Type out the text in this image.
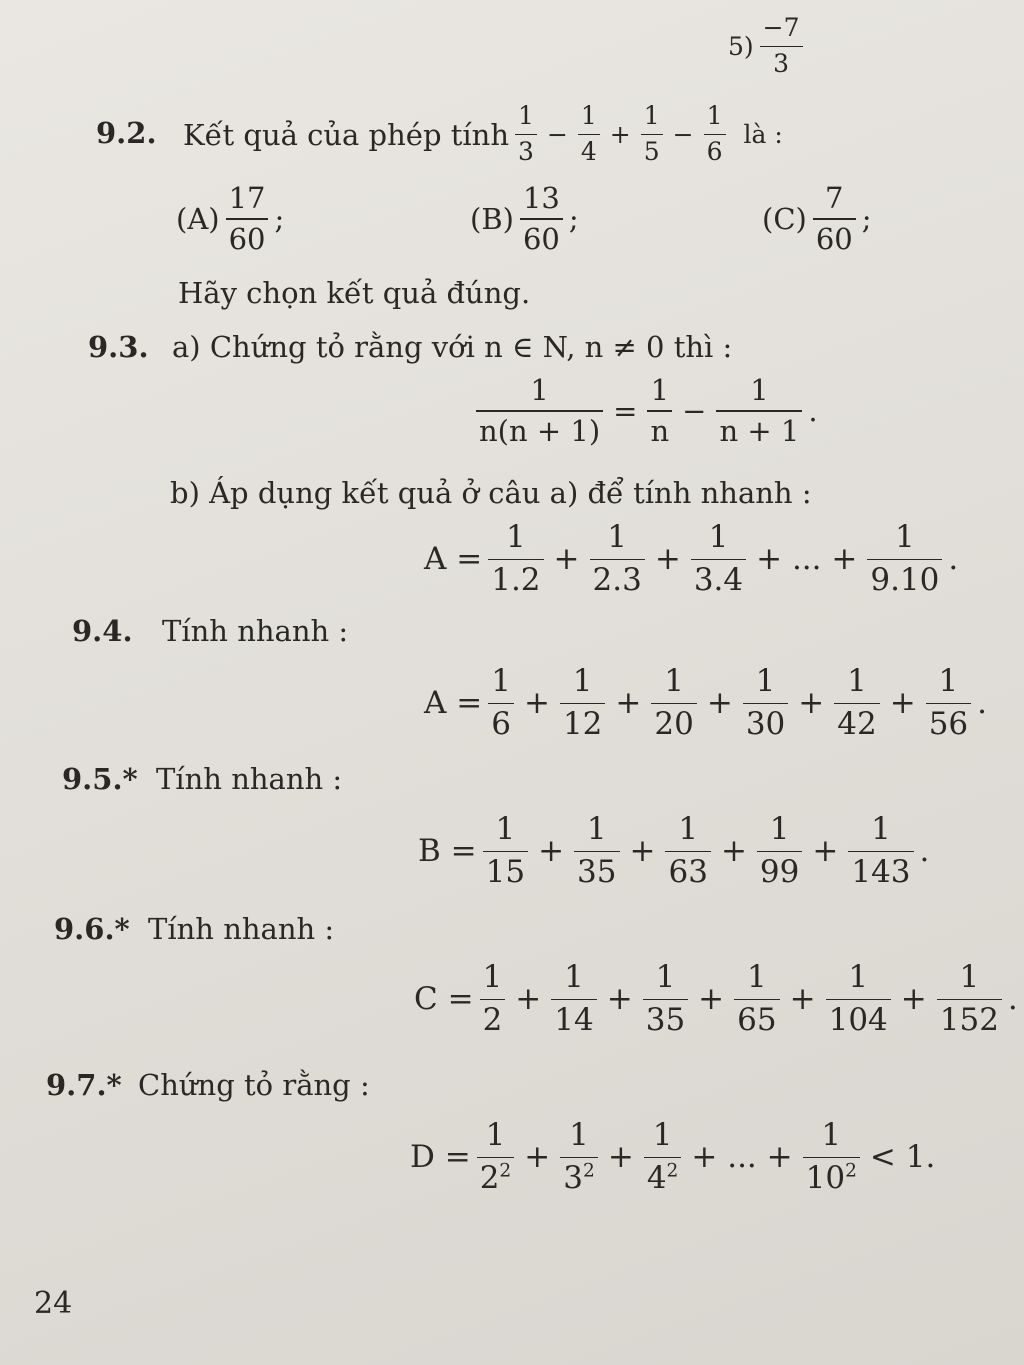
$5) \frac{-7}{3}$
9.2. Kết quả của phép tính $\frac{1}{3} - \frac{1}{4} + \frac{1}{5} - \frac{1}{6}$ là :
$(A) \frac{17}{60}$ ;	$(B) \frac{13}{60}$ ;	$(C) \frac{7}{60}$ ;
Hãy chọn kết quả đúng.
9.3. a) Chứng tỏ rằng với n ∈ N, n ≠ 0 thì :
$\frac{1}{n(n + 1)} = \frac{1}{n} - \frac{1}{n + 1}$ .
b) Áp dụng kết quả ở câu a) để tính nhanh :
$A = \frac{1}{1.2} + \frac{1}{2.3} + \frac{1}{3.4}$ + ... + $\frac{1}{9.10}$ .
9.4. Tính nhanh :
$A = \frac{1}{6} + \frac{1}{12} + \frac{1}{20} + \frac{1}{30} + \frac{1}{42} + \frac{1}{56}$ .
9.5.* Tính nhanh :
$B = \frac{1}{15} + \frac{1}{35} + \frac{1}{63} + \frac{1}{99} + \frac{1}{143}$ .
9.6.* Tính nhanh :
$C = \frac{1}{2} + \frac{1}{14} + \frac{1}{35} + \frac{1}{65} + \frac{1}{104} + \frac{1}{152}$ .
9.7.* Chứng tỏ rằng :
$D = \frac{1}{2^2} + \frac{1}{3^2} + \frac{1}{4^2}$ + ... + $\frac{1}{10^2} < 1$.
24
